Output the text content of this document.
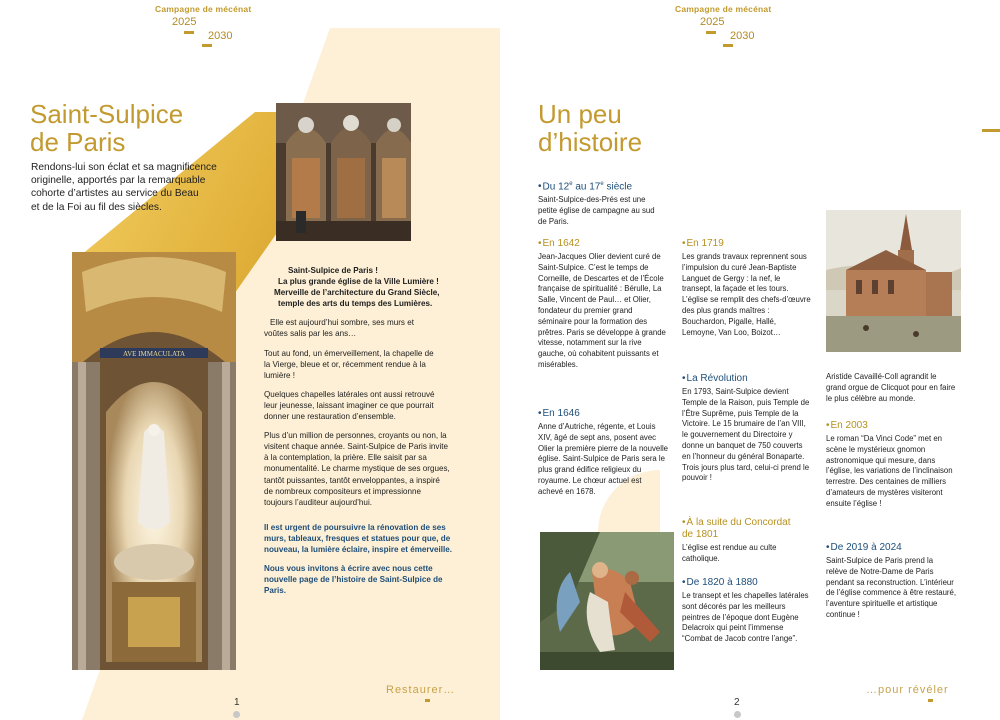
Campagne de mécénat
2025
2030
Saint-Sulpice
de Paris
Rendons-lui son éclat et sa magnificence
originelle, apportés par la remarquable
cohorte d’artistes au service du Beau
et de la Foi au fil des siècles.
AVE IMMACULATA
Saint-Sulpice de Paris !
La plus grande église de la Ville Lumière !
Merveille de l’architecture du Grand Siècle,
temple des arts du temps des Lumières.
Elle est aujourd’hui sombre, ses murs et
voûtes salis par les ans…

Tout au fond, un émerveillement, la chapelle de la Vierge, bleue et or, récemment rendue à la lumière !

Quelques chapelles latérales ont aussi retrouvé leur jeunesse, laissant imaginer ce que pourrait donner une restauration d’ensemble.

Plus d’un million de personnes, croyants ou non, la visitent chaque année. Saint-Sulpice de Paris invite à la contemplation, la prière. Elle saisit par sa monumentalité. Le charme mystique de ses orgues, tantôt puissantes, tantôt enveloppantes, a inspiré de nombreux compositeurs et impressionne toujours l’auditeur aujourd’hui.

Il est urgent de poursuivre la rénovation de ses murs, tableaux, fresques et statues pour que, de nouveau, la lumière éclaire, inspire et émerveille.

Nous vous invitons à écrire avec nous cette nouvelle page de l’histoire de Saint-Sulpice de Paris.

Restaurer…
1
Campagne de mécénat
2025
2030
Un peu
d’histoire
•Du 12e au 17e siècle
Saint-Sulpice-des-Prés est une petite église de campagne au sud de Paris.
•En 1642
Jean-Jacques Olier devient curé de Saint-Sulpice. C’est le temps de Corneille, de Descartes et de l’École française de spiritualité : Bérulle, La Salle, Vincent de Paul… et Olier, fondateur du premier grand séminaire pour la formation des prêtres. Paris se développe à grande vitesse, notamment sur la rive gauche, où cohabitent puissants et misérables.
•En 1646
Anne d’Autriche, régente, et Louis XIV, âgé de sept ans, posent avec Olier la première pierre de la nouvelle église. Saint-Sulpice de Paris sera le plus grand édifice religieux du royaume. Le chœur actuel est achevé en 1678.
•En 1719
Les grands travaux reprennent sous l’impulsion du curé Jean-Baptiste Languet de Gergy : la nef, le transept, la façade et les tours. L’église se remplit des chefs-d’œuvre des plus grands maîtres : Bouchardon, Pigalle, Hallé, Lemoyne, Van Loo, Boizot…
•La Révolution
En 1793, Saint-Sulpice devient Temple de la Raison, puis Temple de l’Être Suprême, puis Temple de la Victoire. Le 15 brumaire de l’an VIII, le gouvernement du Directoire y donne un banquet de 750 couverts en l’honneur du général Bonaparte. Trois jours plus tard, celui-ci prend le pouvoir !
•À la suite du Concordat de 1801
L’église est rendue au culte catholique.
•De 1820 à 1880
Le transept et les chapelles latérales sont décorés par les meilleurs peintres de l’époque dont Eugène Delacroix qui peint l’immense “Combat de Jacob contre l’ange”.
Aristide Cavaillé-Coll agrandit le grand orgue de Clicquot pour en faire le plus célèbre au monde.
•En 2003
Le roman “Da Vinci Code” met en scène le mystérieux gnomon astronomique qui mesure, dans l’église, les variations de l’inclinaison terrestre. Des centaines de milliers d’amateurs de mystères visiteront ensuite l’église !
•De 2019 à 2024
Saint-Sulpice de Paris prend la relève de Notre-Dame de Paris pendant sa reconstruction. L’intérieur de l’église commence à être restauré, l’aventure spirituelle et artistique continue !
…pour révéler
2
